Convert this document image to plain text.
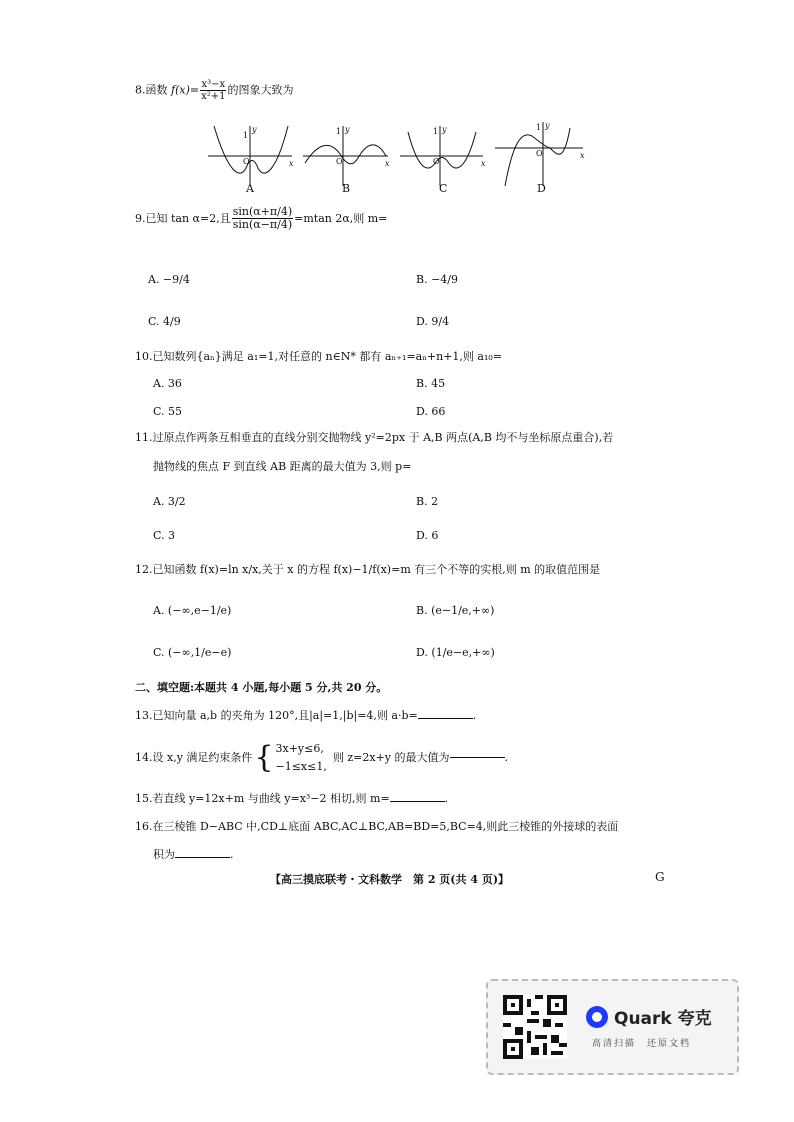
8.函数 $f(x)= \frac{\text{x³−x}}{\text{x²+1}}$ 的图象大致为
y
x
y
x
y
x
y
x
1
O
1
O
1
O
1
O
A	B	C	D
9. 已知 tan α=2,且 $\frac{\sin(\alpha+\pi/4)}{\sin(\alpha-\pi/4)} =mtan$ 2α,则 m=
A. −9/4	B. −4/9
C. 4/9	D. 9/4
10.已知数列{aₙ}满足 a₁=1,对任意的 n∈N* 都有 aₙ₊₁=aₙ+n+1,则 a₁₀=
A. 36	B. 45
C. 55	D. 66
11.过原点作两条互相垂直的直线分别交抛物线 y²=2px 于 A,B 两点(A,B 均不与坐标原点重合),若
抛物线的焦点 F 到直线 AB 距离的最大值为 3,则 p=
A. 3/2	B. 2
C. 3	D. 6
12.已知函数 f(x)=ln x/x,关于 x 的方程 f(x)−1/f(x)=m 有三个不等的实根,则 m 的取值范围是
A. (−∞,e−1/e)	B. (e−1/e,+∞)
C. (−∞,1/e−e)	D. (1/e−e,+∞)
二、填空题:本题共 4 小题,每小题 5 分,共 20 分。
13.已知向量 a,b 的夹角为 120°,且|a|=1,|b|=4,则 a·b=	.
14.设 x,y 满足约束条件 { 3x+y≤6,
−1≤x≤1,
则 z=2x+y 的最大值为	.
15.若直线 y=12x+m 与曲线 y=x³−2 相切,则 m=	.
16.在三棱锥 D−ABC 中,CD⊥底面 ABC,AC⊥BC,AB=BD=5,BC=4,则此三棱锥的外接球的表面
积为	.
【高三摸底联考・文科数学　第 2 页(共 4 页)】	G
Quark 夸克
高清扫描　还原文档
